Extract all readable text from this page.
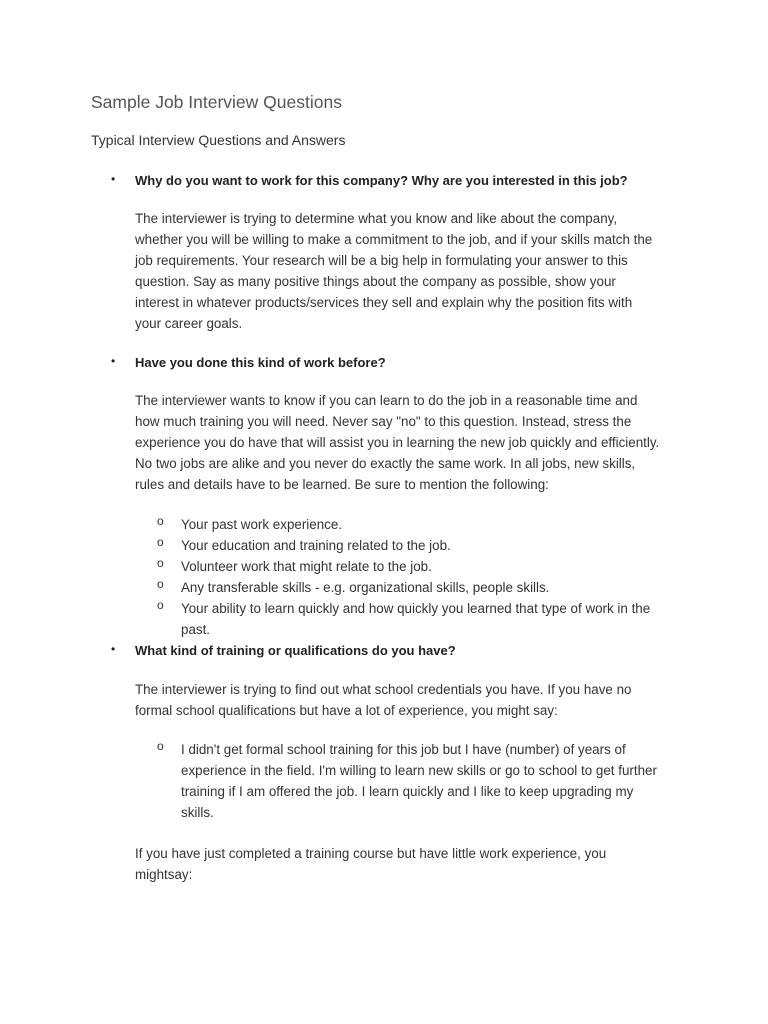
Sample Job Interview Questions

Typical Interview Questions and Answers

• Why do you want to work for this company? Why are you interested in this job?
The interviewer is trying to determine what you know and like about the company,
whether you will be willing to make a commitment to the job, and if your skills match the
job requirements. Your research will be a big help in formulating your answer to this
question. Say as many positive things about the company as possible, show your
interest in whatever products/services they sell and explain why the position fits with
your career goals.
• Have you done this kind of work before?
The interviewer wants to know if you can learn to do the job in a reasonable time and
how much training you will need. Never say "no" to this question. Instead, stress the
experience you do have that will assist you in learning the new job quickly and efficiently.
No two jobs are alike and you never do exactly the same work. In all jobs, new skills,
rules and details have to be learned. Be sure to mention the following:
o Your past work experience.
o Your education and training related to the job.
o Volunteer work that might relate to the job.
o Any transferable skills - e.g. organizational skills, people skills.
o Your ability to learn quickly and how quickly you learned that type of work in the
past.
• What kind of training or qualifications do you have?
The interviewer is trying to find out what school credentials you have. If you have no
formal school qualifications but have a lot of experience, you might say:
o I didn't get formal school training for this job but I have (number) of years of
experience in the field. I'm willing to learn new skills or go to school to get further
training if I am offered the job. I learn quickly and I like to keep upgrading my
skills.
If you have just completed a training course but have little work experience, you
mightsay:
